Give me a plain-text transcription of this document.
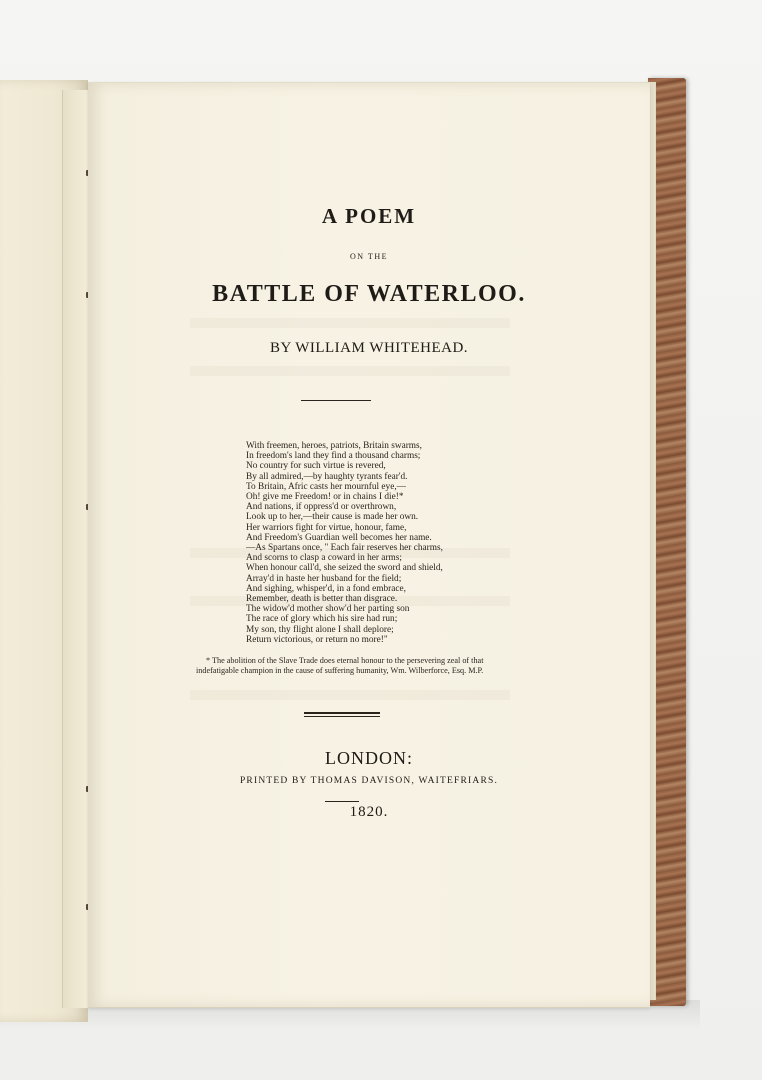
A POEM
ON THE
BATTLE OF WATERLOO.
BY WILLIAM WHITEHEAD.
With freemen, heroes, patriots, Britain swarms,
In freedom's land they find a thousand charms;
No country for such virtue is revered,
By all admired,—by haughty tyrants fear'd.
To Britain, Afric casts her mournful eye,—
Oh! give me Freedom! or in chains I die!*
And nations, if oppress'd or overthrown,
Look up to her,—their cause is made her own.
Her warriors fight for virtue, honour, fame,
And Freedom's Guardian well becomes her name.
—As Spartans once, " Each fair reserves her charms,
And scorns to clasp a coward in her arms;
When honour call'd, she seized the sword and shield,
Array'd in haste her husband for the field;
And sighing, whisper'd, in a fond embrace,
Remember, death is better than disgrace.
The widow'd mother show'd her parting son
The race of glory which his sire had run;
My son, thy flight alone I shall deplore;
Return victorious, or return no more!"
* The abolition of the Slave Trade does eternal honour to the persevering zeal of that
indefatigable champion in the cause of suffering humanity, Wm. Wilberforce, Esq. M.P.
LONDON:
PRINTED BY THOMAS DAVISON, WAITEFRIARS.
1820.
